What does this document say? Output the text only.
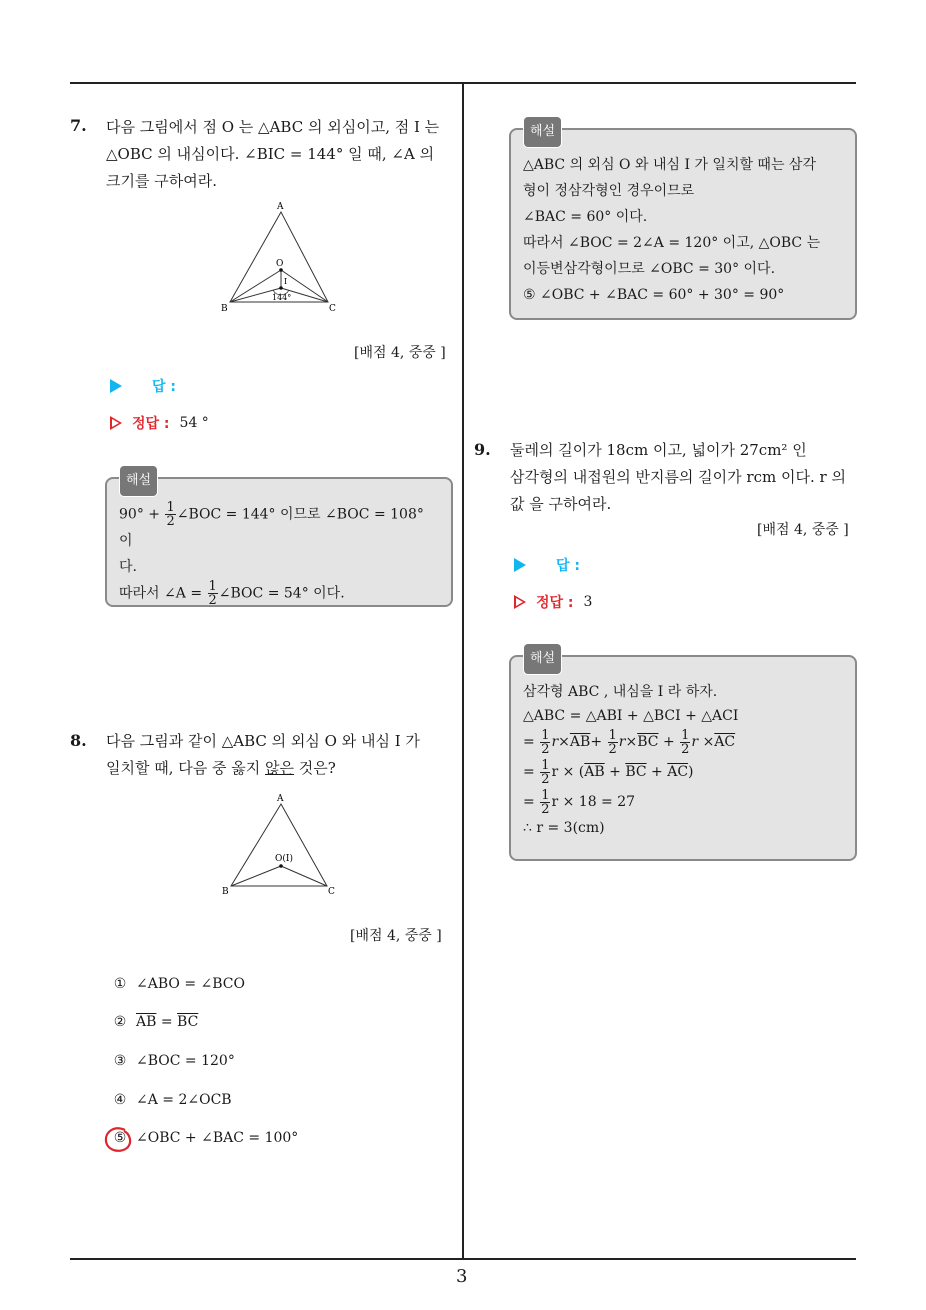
3
7. 다음 그림에서 점 O 는 △ABC 의 외심이고, 점 I 는
△OBC 의 내심이다. ∠BIC = 144° 일 때, ∠A 의
크기를 구하여라.
A
O
I
144°
B	C
[배점 4, 중중 ]
답 :
정답 : 54 °
해설
$90^\circ + \frac{1}{2}$ ∠BOC = 144° 이므로 ∠BOC = 108° 이
다.
따라서 ∠A = $\frac{1}{2}$ ∠BOC = 54° 이다.
8. 다음 그림과 같이 △ABC 의 외심 O 와 내심 I 가
일치할 때, 다음 중 옳지 않은 것은?
A
O(I)
B	C
[배점 4, 중중 ]
① ∠ABO = ∠BCO
② $\overline{AB} = \overline{BC}$
③ ∠BOC = 120°
④ ∠A = 2∠OCB
⑤ ∠OBC + ∠BAC = 100°
해설
△ABC 의 외심 O 와 내심 I 가 일치할 때는 삼각
형이 정삼각형인 경우이므로
∠BAC = 60° 이다.
따라서 ∠BOC = 2∠A = 120° 이고, △OBC 는
이등변삼각형이므로 ∠OBC = 30° 이다.
⑤ ∠OBC + ∠BAC = 60° + 30° = 90°
9. 둘레의 길이가 18cm 이고, 넓이가 27cm² 인
삼각형의 내접원의 반지름의 길이가 rcm 이다. r 의
값 을 구하여라.
[배점 4, 중중 ]
답 :
정답 : 3
해설
삼각형 ABC , 내심을 I 라 하자.
△ABC = △ABI + △BCI + △ACI
= $\frac{1}{2} r\times\overline{AB}+ \frac{1}{2} r\times\overline{BC} + \frac{1}{2}$ $r \times\overline{AC}$
= $\frac{1}{2}$ $r \times (\overline{AB} + \overline{BC} + \overline{AC})$
= $\frac{1}{2}$ r × 18 = 27
∴ r = 3(cm)
